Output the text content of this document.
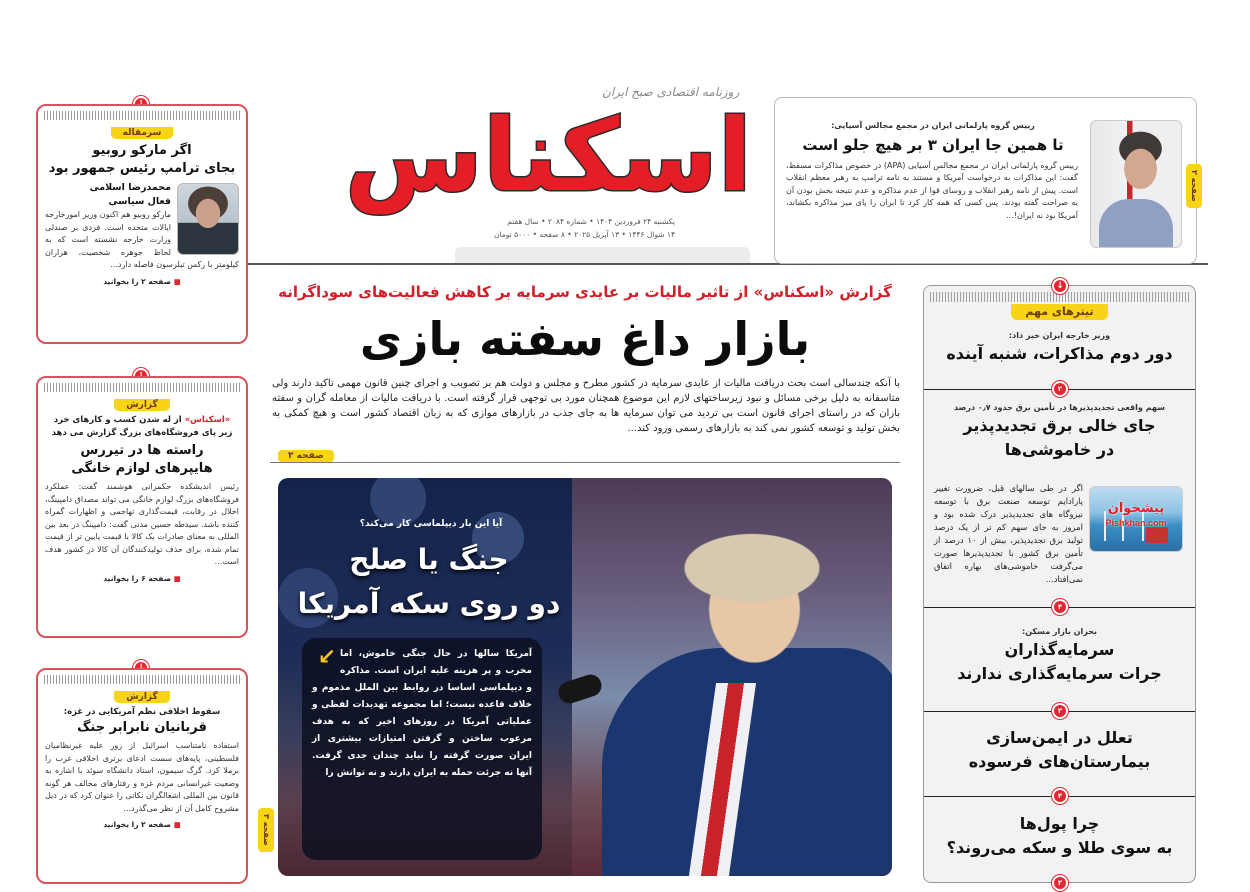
روزنامه اقتصادی صبح ایران
اسکناس
یکشنبه ۲۴ فروردین ۱۴۰۴ • شماره ۲۰۸۴ • سال هفتم
۱۴ شوال ۱۴۴۶ • ۱۳ آپریل ۲۰۲۵ • ۸ صفحه • ۵۰۰۰ تومان
رییس گروه پارلمانی ایران در مجمع مجالس آسیایی:
تا همین جا ایران ۳ بر هیچ جلو است
رییس گروه پارلمانی ایران در مجمع مجالس آسیایی (APA) در خصوص مذاکرات مسقط، گفت: این مذاکرات به درخواست آمریکا و مستند به نامه ترامپ به رهبر معظم انقلاب است. پیش از نامه رهبر انقلاب و روسای قوا از عدم مذاکره و عدم نتیجه بخش بودن آن به صراحت گفته بودند. پس کسی که همه کار کرد تا ایران را پای میز مذاکره بکشاند، آمریکا بود نه ایران!...
صفحه ۲
سرمقاله
اگر مارکو روبیو
بجای ترامپ رئیس جمهور بود
محمدرضا اسلامی
فعال سیاسی
مارکو روبیو هم اکنون وزیر امورخارجه ایالات متحده است. فردی بر صندلی وزارت خارجه نشسته است که به لحاظ جوهره شخصیت، هزاران کیلومتر با رکس تیلرسون فاصله دارد...
■ صفحه ۲ را بخوانید
گزارش
«اسکناس» از له شدن کسب و کارهای خرد
زیر پای فروشگاه‌های بزرگ گزارش می دهد
راسته ها در تیررس
هایپرهای لوازم خانگی
رئیس اندیشکده حکمرانی هوشمند گفت: عملکرد فروشگاه‌های بزرگ لوازم خانگی می تواند مصداق دامپینگ، اخلال در رقابت، قیمت‌گذاری تهاجمی و اظهارات گمراه کننده باشد. سیدطه حسین مدنی گفت: دامپینگ در بعد بین المللی به معنای صادرات یک کالا با قیمت پایین تر از قیمت تمام شده، برای حذف تولیدکنندگان آن کالا در کشور هدف است...
■ صفحه ۶ را بخوانید
گزارش
سقوط اخلاقی نظم آمریکایی در غزه:
قربانیان نابرابر جنگ
استفاده نامتناسب اسرائیل از زور علیه غیرنظامیان فلسطینی، پایه‌های سست ادعای برتری اخلاقی غرب را برملا کرد. گرگ سیمون، استاد دانشگاه سوئد با اشاره به وضعیت غیرانسانی مردم غزه و رفتارهای مخالف هر گونه قانون بین المللی اشغالگران نکاتی را عنوان کرد که در ذیل مشروح کامل آن از نظر می‌گذرد...
■ صفحه ۲ را بخوانید
گزارش «اسکناس» از تاثیر مالیات بر عایدی سرمایه بر کاهش فعالیت‌های سوداگرانه
بازار داغ سفته بازی
با آنکه چندسالی است بحث دریافت مالیات از عایدی سرمایه در کشور مطرح و مجلس و دولت هم بر تصویب و اجرای چنین قانون مهمی تاکید دارند ولی متاسفانه به دلیل برخی مسائل و نبود زیرساختهای لازم این موضوع همچنان مورد بی توجهی قرار گرفته است. با دریافت مالیات از معامله گران و سفته بازان که در راستای اجرای قانون است بی تردید می توان سرمایه ها به جای جذب در بازارهای موازی که به زبان اقتصاد کشور است و هیچ کمکی به بخش تولید و توسعه کشور نمی کند به بازارهای رسمی ورود کند...
صفحه ۳
آیا این بار دیپلماسی کار می‌کند؟
جنگ یا صلح
دو روی سکه آمریکا
↙ آمریکا سالها در حال جنگی خاموش، اما مخرب و پر هزینه علیه ایران است. مذاکره و دیپلماسی اساسا در روابط بین الملل مذموم و خلاف قاعده نیست؛ اما مجموعه تهدیدات لفظی و عملیاتی آمریکا در روزهای اخیر که به هدف مرعوب ساختن و گرفتن امتیازات بیشتری از ایران صورت گرفته را نباید چندان جدی گرفت. آنها نه جرئت حمله به ایران دارند و نه توانش را
صفحه ۳
↓
تیترهای مهم
وزیر خارجه ایران خبر داد:
دور دوم مذاکرات، شنبه آینده
۲
سهم واقعی تجدیدپذیرها در تأمین برق حدود ۰٫۷ درصد
جای خالی برق تجدیدپذیر
در خاموشی‌ها
پیشخوان
Pishkhan.com
اگر در طی سالهای قبل، ضرورت تغییر پارادایم توسعه صنعت برق با توسعه نیروگاه های تجدیدپذیر درک شده بود و امروز به جای سهم کم تر از یک درصد تولید برق تجدیدپذیر، بیش از ۱۰ درصد از تأمین برق کشور با تجدیدپذیرها صورت می‌گرفت خاموشی‌های بهاره اتفاق نمی‌افتاد...
۴
بحران بازار مسکن:
سرمایه‌گذاران
جرات سرمایه‌گذاری ندارند
۳
تعلل در ایمن‌سازی
بیمارستان‌های فرسوده
۴
چرا پول‌ها
به سوی طلا و سکه می‌روند؟
۳
